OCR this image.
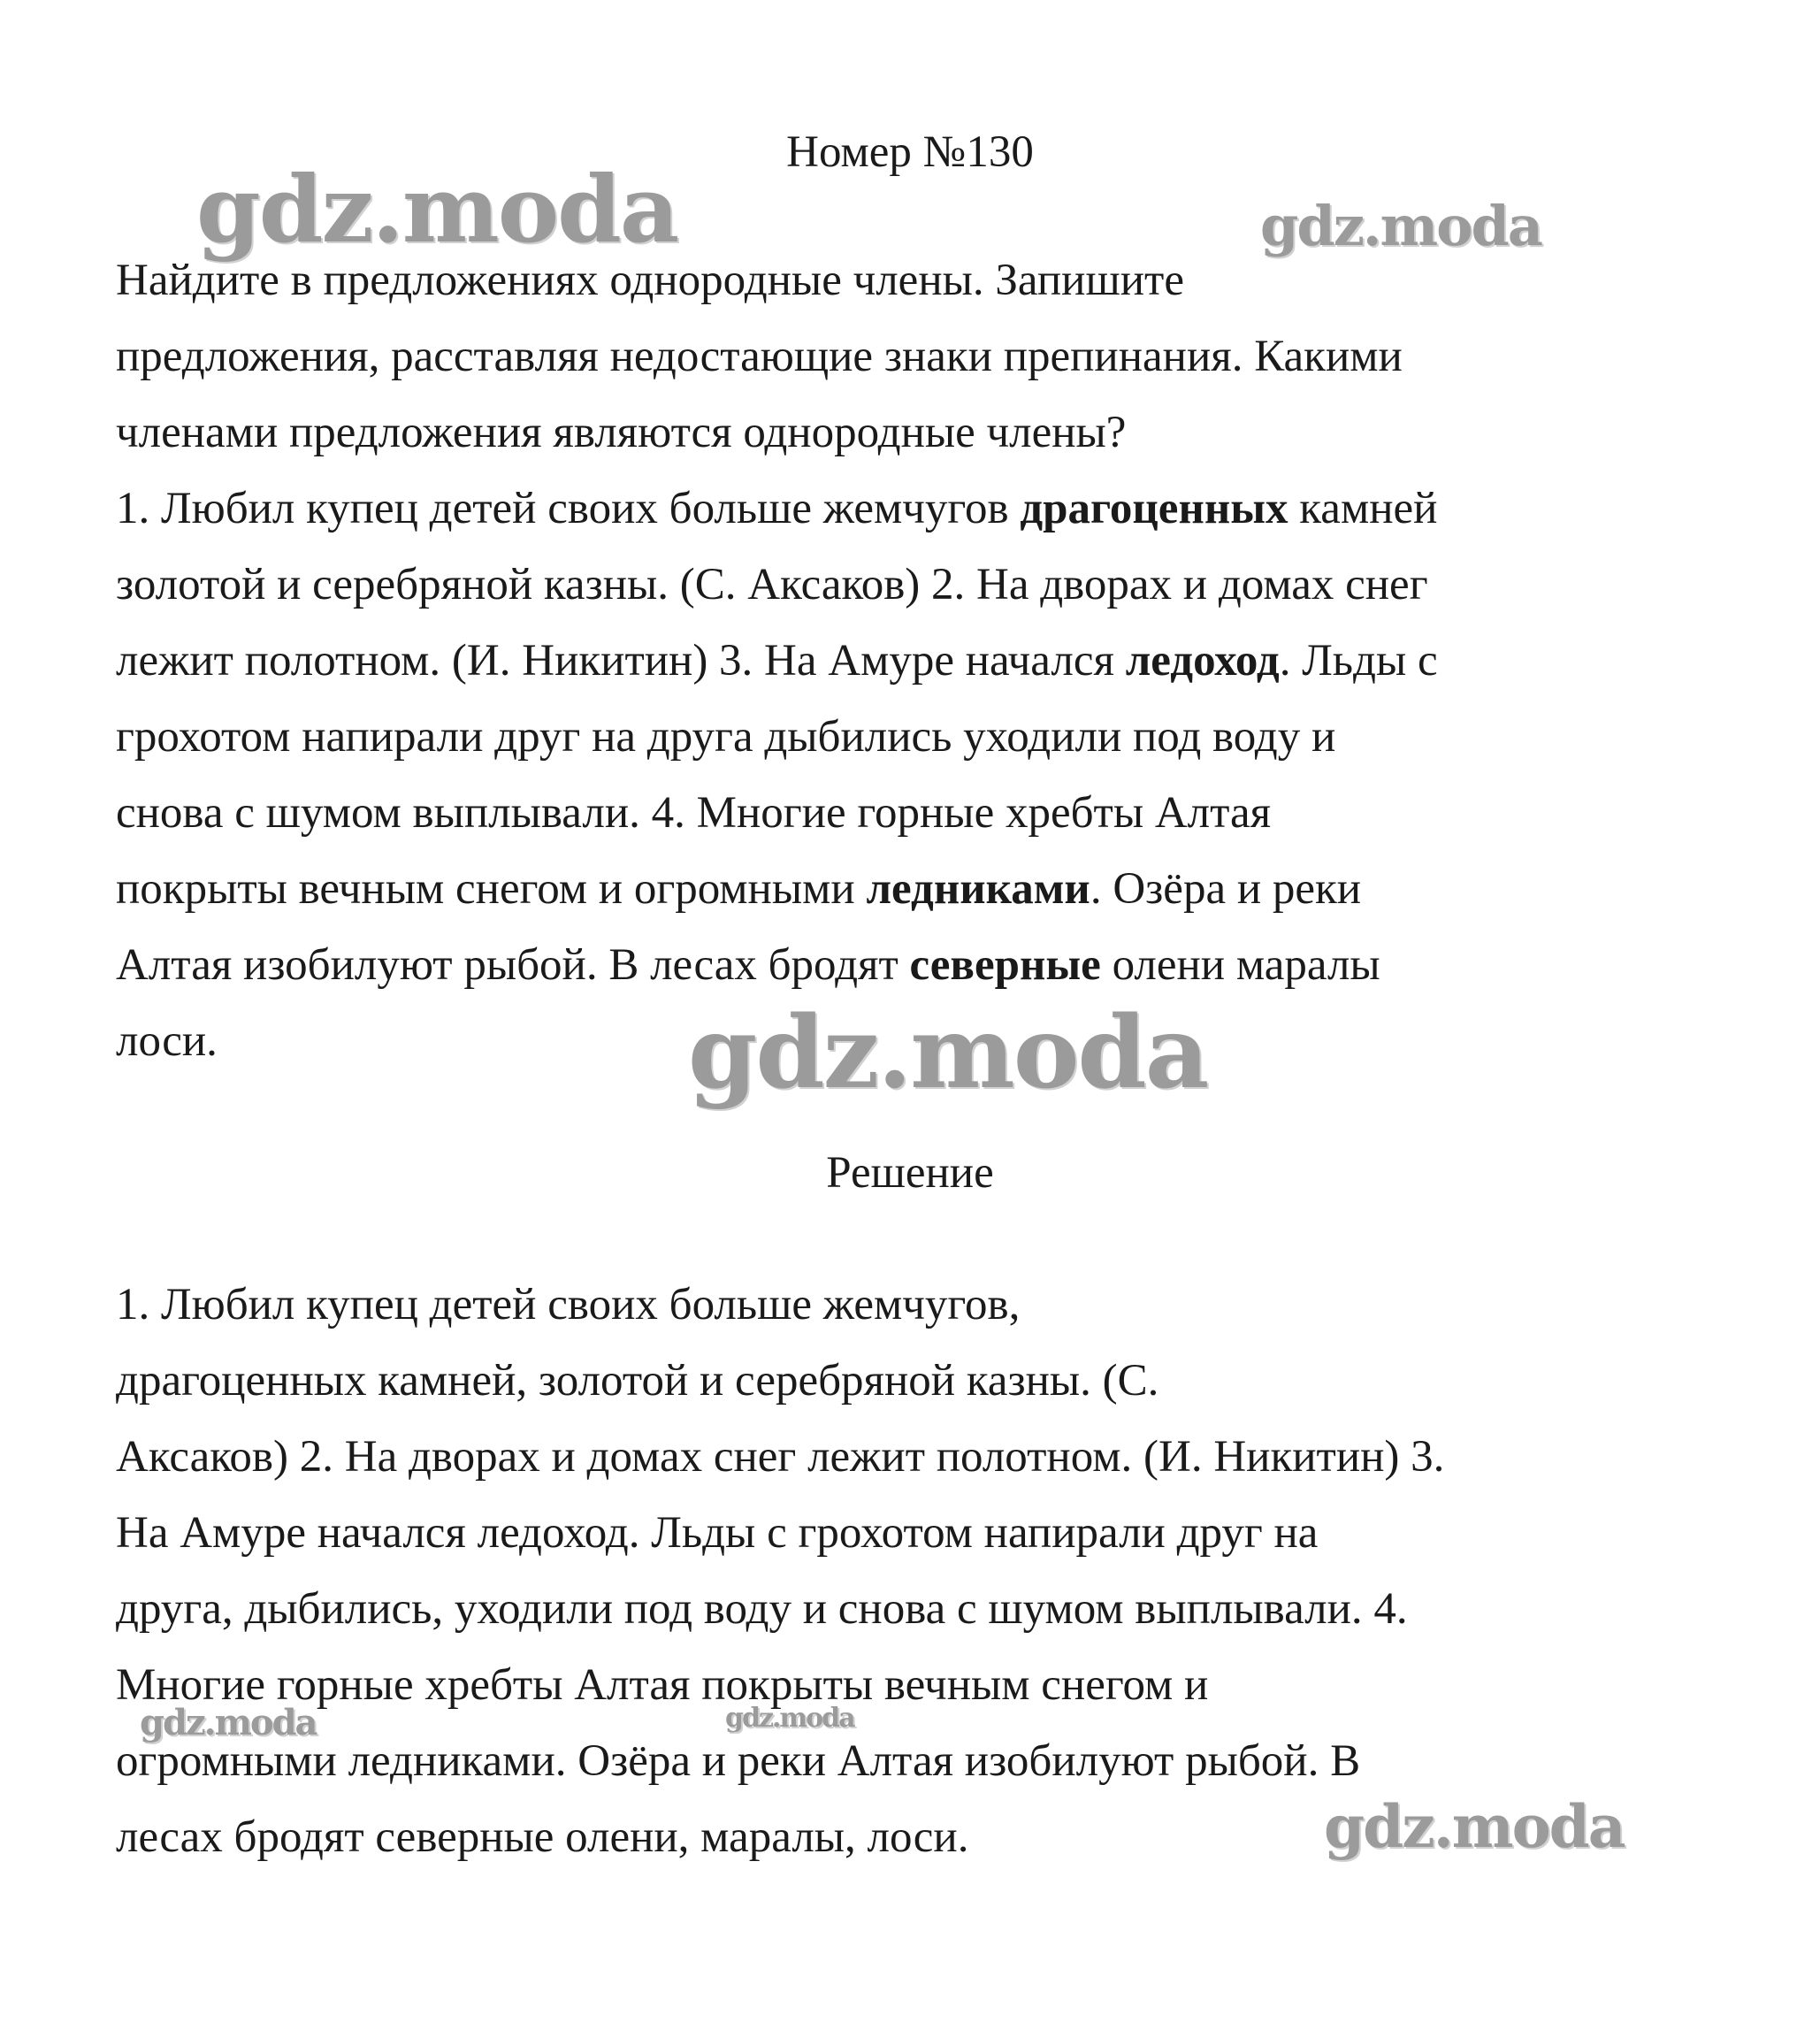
Номер №130

Найдите в предложениях однородные члены. Запишите

предложения, расставляя недостающие знаки препинания. Какими

членами предложения являются однородные члены?

1. Любил купец детей своих больше жемчугов драгоценных камней

золотой и серебряной казны. (С. Аксаков) 2. На дворах и домах снег

лежит полотном. (И. Никитин) 3. На Амуре начался ледоход. Льды с

грохотом напирали друг на друга дыбились уходили под воду и

снова с шумом выплывали. 4. Многие горные хребты Алтая

покрыты вечным снегом и огромными ледниками. Озёра и реки

Алтая изобилуют рыбой. В лесах бродят северные олени маралы

лоси.

Решение

1. Любил купец детей своих больше жемчугов,

драгоценных камней, золотой и серебряной казны. (С.

Аксаков) 2. На дворах и домах снег лежит полотном. (И. Никитин) 3.

На Амуре начался ледоход. Льды с грохотом напирали друг на

друга, дыбились, уходили под воду и снова с шумом выплывали. 4.

Многие горные хребты Алтая покрыты вечным снегом и

огромными ледниками. Озёра и реки Алтая изобилуют рыбой. В

лесах бродят северные олени, маралы, лоси.

gdz.moda	gdz.moda
gdz.moda
gdz.moda	gdz.moda
gdz.moda
